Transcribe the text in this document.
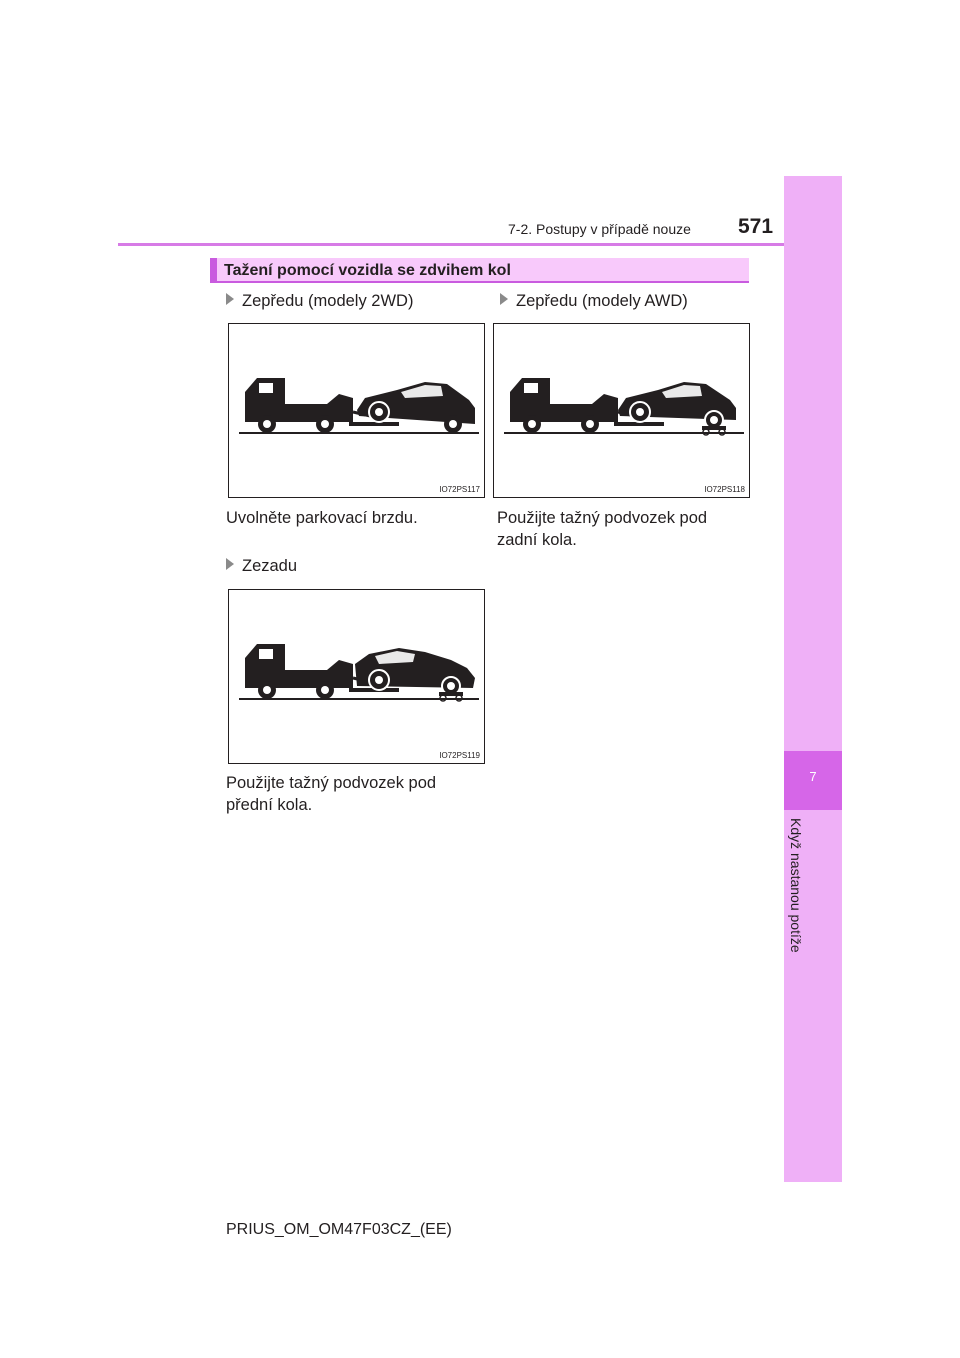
7-2. Postupy v případě nouze 571
7
Když nastanou potíže
Tažení pomocí vozidla se zdvihem kol
Zepředu (modely 2WD)
IO72PS117
Uvolněte parkovací brzdu.
Zepředu (modely AWD)
IO72PS118
Použijte tažný podvozek pod
zadní kola.
Zezadu
IO72PS119
Použijte tažný podvozek pod
přední kola.
PRIUS_OM_OM47F03CZ_(EE)
